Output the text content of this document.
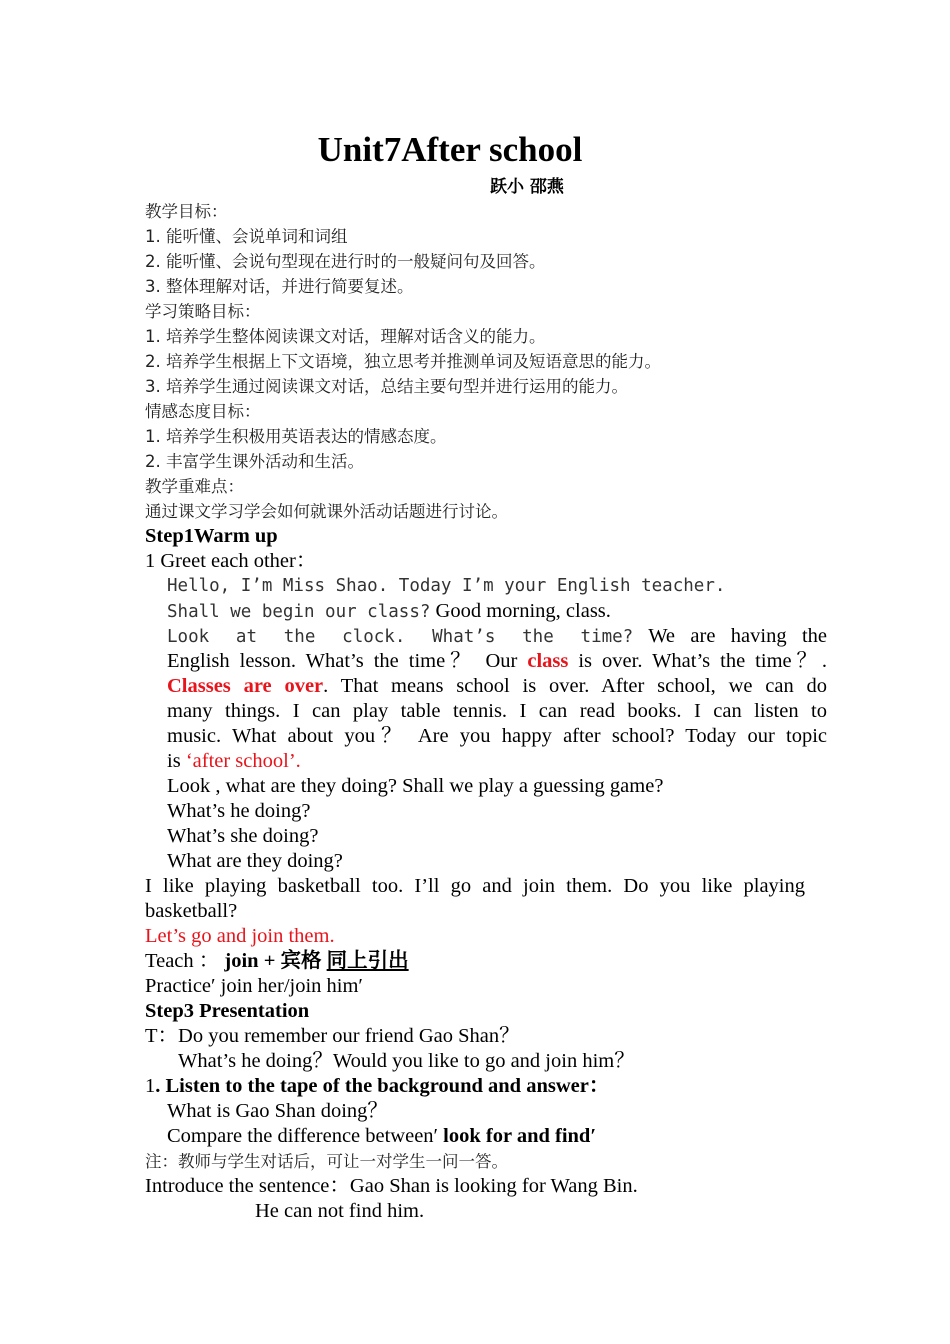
Unit7After school
跃小 邵燕
教学目标：
1. 能听懂、会说单词和词组
2. 能听懂、会说句型现在进行时的一般疑问句及回答。
3. 整体理解对话，并进行简要复述。
学习策略目标：
1. 培养学生整体阅读课文对话，理解对话含义的能力。
2. 培养学生根据上下文语境，独立思考并推测单词及短语意思的能力。
3. 培养学生通过阅读课文对话，总结主要句型并进行运用的能力。
情感态度目标：
1. 培养学生积极用英语表达的情感态度。
2. 丰富学生课外活动和生活。
教学重难点：
通过课文学习学会如何就课外活动话题进行讨论。
Step1Warm up
1 Greet each other：
Hello, I’m Miss Shao. Today I’m your English teacher.
Shall we begin our class? Good morning, class.
Look at the clock. What’s the time? We are having the
English lesson. What’s the time？ Our class is over. What’s the time？.
Classes are over. That means school is over. After school, we can do
many things. I can play table tennis. I can read books. I can listen to
music. What about you？ Are you happy after school? Today our topic
is ‘after school’.
Look , what are they doing? Shall we play a guessing game?
What’s he doing?
What’s she doing?
What are they doing?
I like playing basketball too. I’ll go and join them. Do you like playing
basketball?
Let’s go and join them.
Teach ： join + 宾格 同上引出
Practice′ join her/join him′
Step3 Presentation
T：Do you remember our friend Gao Shan？
What’s he doing？Would you like to go and join him？
1. Listen to the tape of the background and answer：
What is Gao Shan doing？
Compare the difference between′ look for and find′
注：教师与学生对话后，可让一对学生一问一答。
Introduce the sentence：Gao Shan is looking for Wang Bin.
He can not find him.
